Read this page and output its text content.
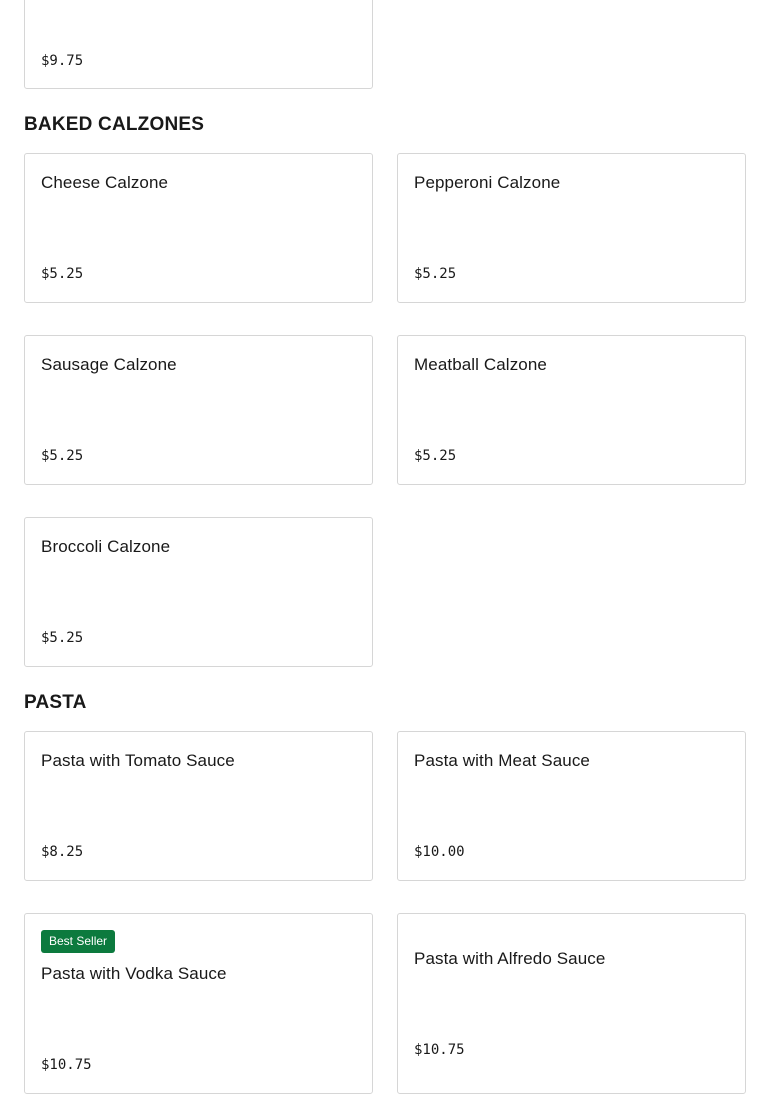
$9.75
BAKED CALZONES
Cheese Calzone
$5.25
Pepperoni Calzone
$5.25
Sausage Calzone
$5.25
Meatball Calzone
$5.25
Broccoli Calzone
$5.25
PASTA
Pasta with Tomato Sauce
$8.25
Pasta with Meat Sauce
$10.00
Best Seller
Pasta with Vodka Sauce
$10.75
Pasta with Alfredo Sauce
$10.75
